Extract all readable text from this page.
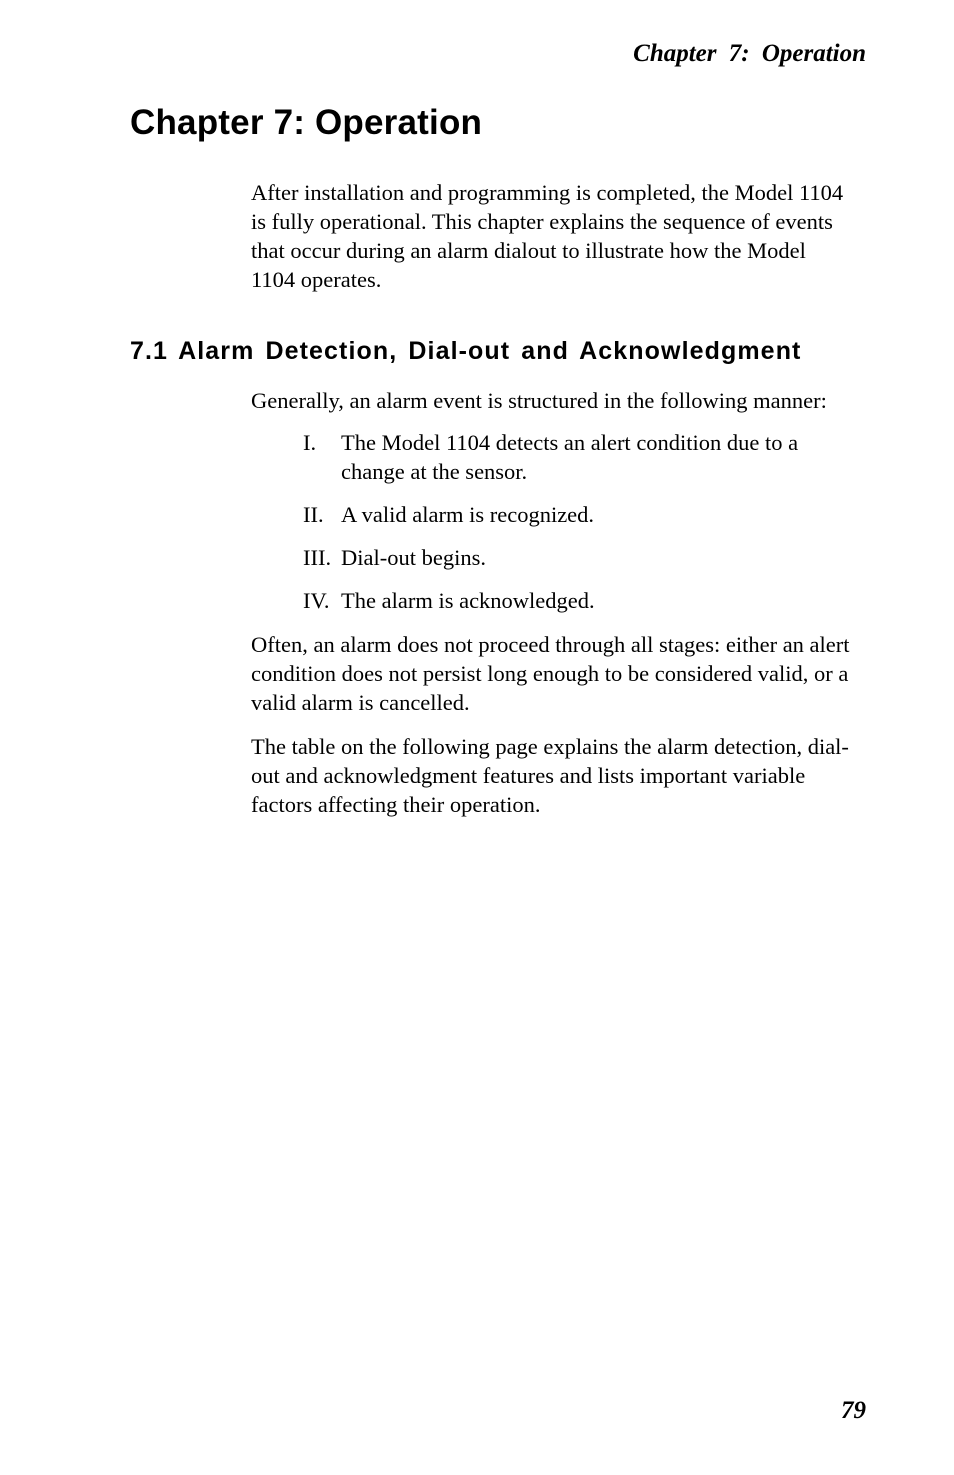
Chapter 7: Operation
Chapter 7: Operation

After installation and programming is completed, the Model 1104 is fully operational. This chapter explains the sequence of events that occur during an alarm dialout to illustrate how the Model 1104 operates.

7.1 Alarm Detection, Dial-out and Acknowledgment

Generally, an alarm event is structured in the following manner:

I.	The Model 1104 detects an alert condition due to a change at the sensor.
II. A valid alarm is recognized.
III. Dial-out begins.
IV. The alarm is acknowledged.

Often, an alarm does not proceed through all stages: either an alert condition does not persist long enough to be considered valid, or a valid alarm is cancelled.

The table on the following page explains the alarm detection, dial-out and acknowledgment features and lists important variable factors affecting their operation.

79
